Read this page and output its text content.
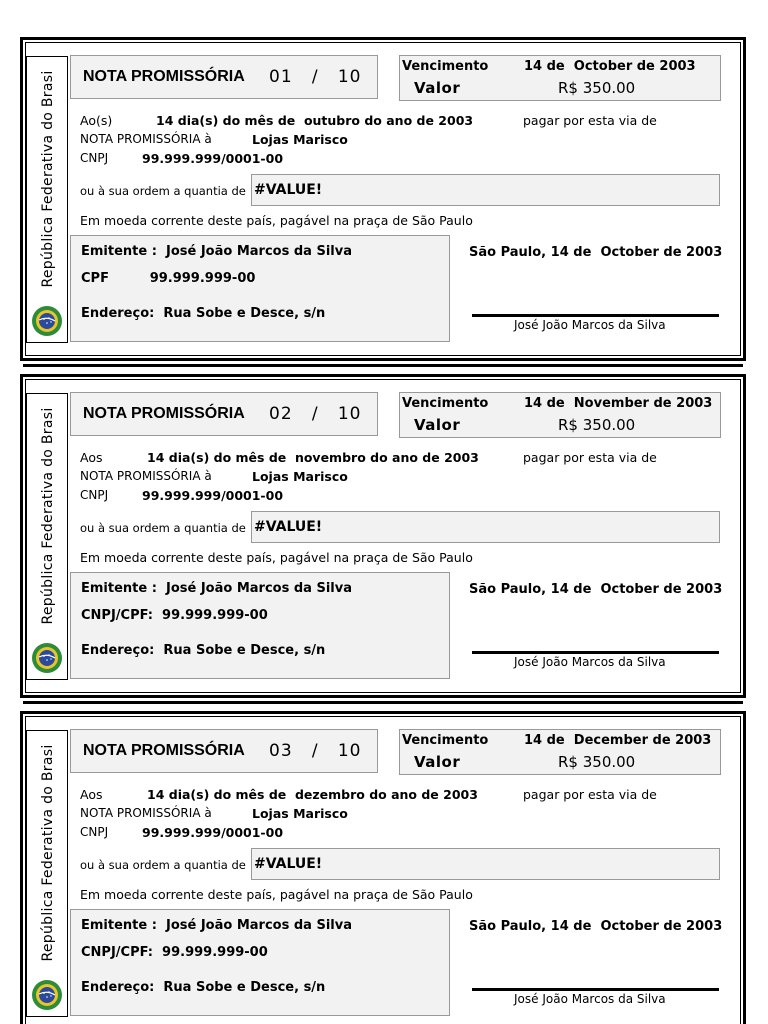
República Federativa do Brasi NOTA PROMISSÓRIA 01 / 10
Vencimento	14 de  October de 2003
Valor	R$ 350.00
Ao(s)	14 dia(s) do mês de  outubro do ano de 2003	pagar por esta via de
NOTA PROMISSÓRIA à	Lojas Marisco
CNPJ	99.999.999/0001-00
ou à sua ordem a quantia de #VALUE!
Em moeda corrente deste país, pagável na praça de São Paulo
Emitente : José João Marcos da Silva
CPF	99.999.999-00
Endereço: Rua Sobe e Desce, s/n
São Paulo, 14 de  October de 2003
José João Marcos da Silva
República Federativa do Brasi NOTA PROMISSÓRIA 02 / 10
Vencimento	14 de  November de 2003
Valor	R$ 350.00
Aos	14 dia(s) do mês de  novembro do ano de 2003	pagar por esta via de
NOTA PROMISSÓRIA à	Lojas Marisco
CNPJ	99.999.999/0001-00
ou à sua ordem a quantia de #VALUE!
Em moeda corrente deste país, pagável na praça de São Paulo
Emitente : José João Marcos da Silva
CNPJ/CPF: 99.999.999-00
Endereço: Rua Sobe e Desce, s/n
São Paulo, 14 de  October de 2003
José João Marcos da Silva
República Federativa do Brasi NOTA PROMISSÓRIA 03 / 10
Vencimento	14 de  December de 2003
Valor	R$ 350.00
Aos	14 dia(s) do mês de  dezembro do ano de 2003	pagar por esta via de
NOTA PROMISSÓRIA à	Lojas Marisco
CNPJ	99.999.999/0001-00
ou à sua ordem a quantia de #VALUE!
Em moeda corrente deste país, pagável na praça de São Paulo
Emitente : José João Marcos da Silva
CNPJ/CPF: 99.999.999-00
Endereço: Rua Sobe e Desce, s/n
São Paulo, 14 de  October de 2003
José João Marcos da Silva
